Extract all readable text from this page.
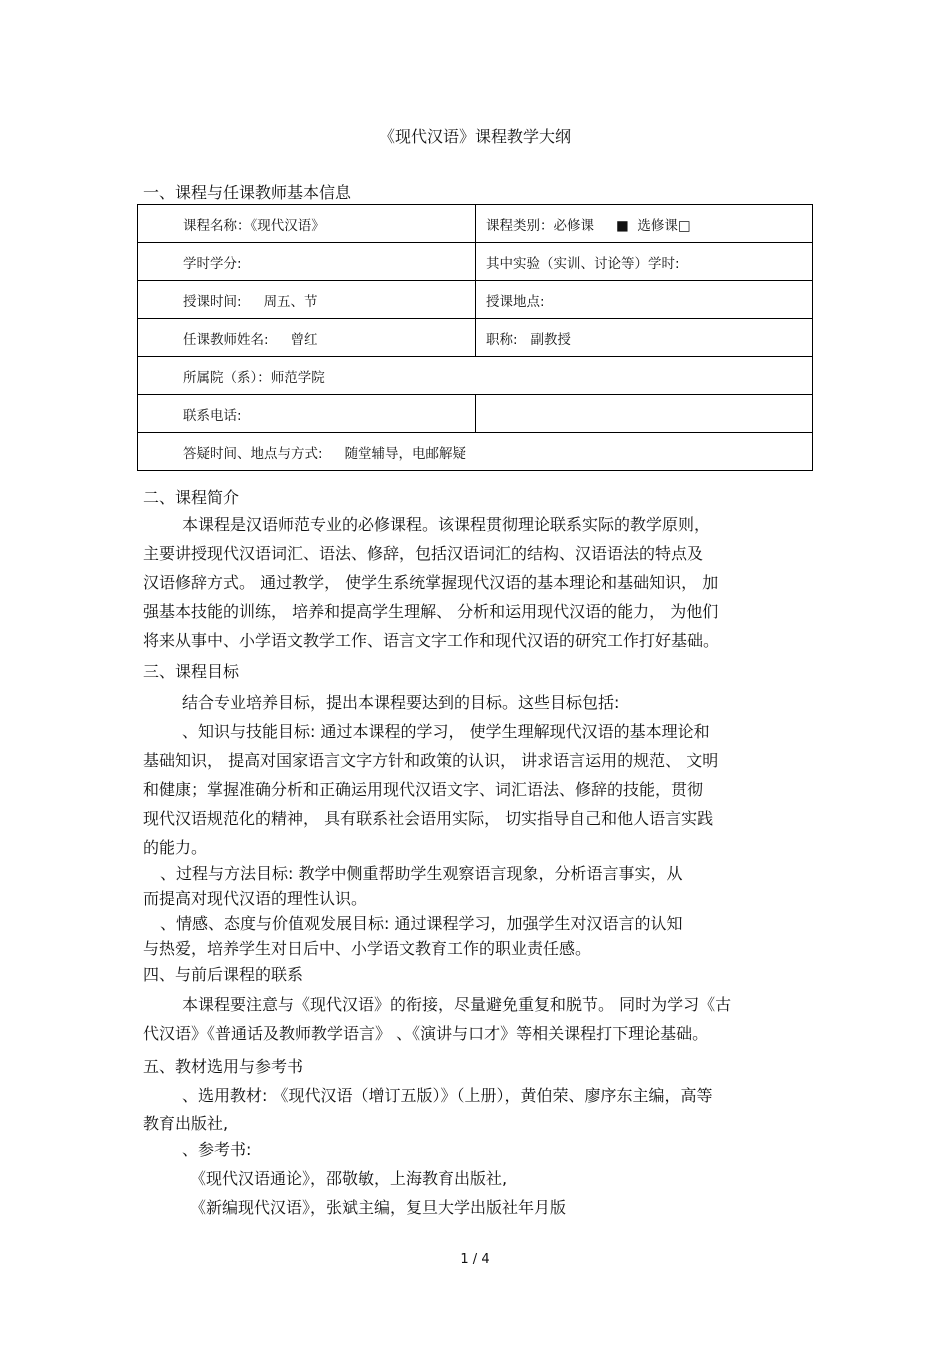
《现代汉语》课程教学大纲
一、课程与任课教师基本信息
课程名称：《现代汉语》	课程类别：必修课 ■ 选修课□
学时学分:	其中实验（实训、讨论等）学时:
授课时间: 周五、节	授课地点:
任课教师姓名: 曾红	职称: 副教授
所属院（系）：师范学院	
联系电话:	
答疑时间、地点与方式: 随堂辅导，电邮解疑	
二、课程简介
本课程是汉语师范专业的必修课程。该课程贯彻理论联系实际的教学原则，
主要讲授现代汉语词汇、语法、修辞，包括汉语词汇的结构、汉语语法的特点及
汉语修辞方式。 通过教学， 使学生系统掌握现代汉语的基本理论和基础知识， 加
强基本技能的训练， 培养和提高学生理解、 分析和运用现代汉语的能力， 为他们
将来从事中、小学语文教学工作、语言文字工作和现代汉语的研究工作打好基础。
三、课程目标
结合专业培养目标，提出本课程要达到的目标。这些目标包括:
、知识与技能目标: 通过本课程的学习， 使学生理解现代汉语的基本理论和
基础知识， 提高对国家语言文字方针和政策的认识， 讲求语言运用的规范、 文明
和健康；掌握准确分析和正确运用现代汉语文字、词汇语法、修辞的技能，贯彻
现代汉语规范化的精神， 具有联系社会语用实际， 切实指导自己和他人语言实践
的能力。
、过程与方法目标: 教学中侧重帮助学生观察语言现象，分析语言事实，从
而提高对现代汉语的理性认识。
、情感、态度与价值观发展目标: 通过课程学习，加强学生对汉语言的认知
与热爱，培养学生对日后中、小学语文教育工作的职业责任感。
四、与前后课程的联系
本课程要注意与《现代汉语》的衔接，尽量避免重复和脱节。 同时为学习《古
代汉语》《普通话及教师教学语言》 、《演讲与口才》等相关课程打下理论基础。
五、教材选用与参考书
、选用教材: 《现代汉语（增订五版）》（上册），黄伯荣、廖序东主编，高等
教育出版社,
、参考书:
《现代汉语通论》，邵敬敏，上海教育出版社,
《新编现代汉语》，张斌主编，复旦大学出版社年月版
1 / 4
